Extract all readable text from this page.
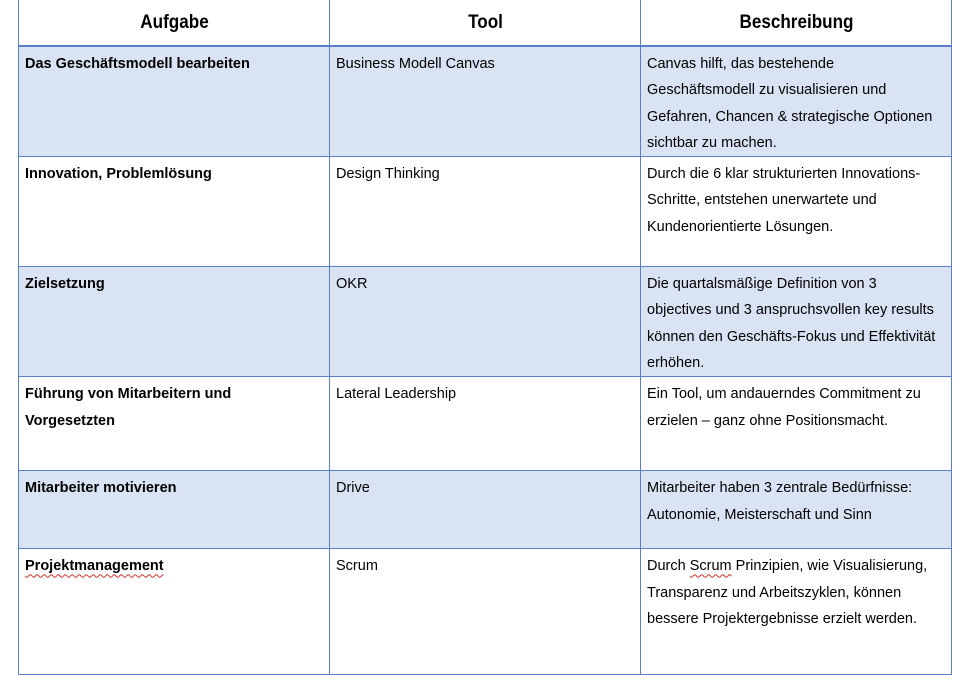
Aufgabe	Tool	Beschreibung
Das Geschäftsmodell bearbeiten	Business Modell Canvas	Canvas hilft, das bestehende Geschäftsmodell zu visualisieren und Gefahren, Chancen & strategische Optionen sichtbar zu machen.
Innovation, Problemlösung	Design Thinking	Durch die 6 klar strukturierten Innovations-Schritte, entstehen unerwartete und Kundenorientierte Lösungen.
Zielsetzung	OKR	Die quartalsmäßige Definition von 3 objectives und 3 anspruchsvollen key results können den Geschäfts-Fokus und Effektivität erhöhen.
Führung von Mitarbeitern und Vorgesetzten	Lateral Leadership	Ein Tool, um andauerndes Commitment zu erzielen – ganz ohne Positionsmacht.
Mitarbeiter motivieren	Drive	Mitarbeiter haben 3 zentrale Bedürfnisse: Autonomie, Meisterschaft und Sinn
Projektmanagement	Scrum	Durch Scrum Prinzipien, wie Visualisierung, Transparenz und Arbeitszyklen, können bessere Projektergebnisse erzielt werden.
